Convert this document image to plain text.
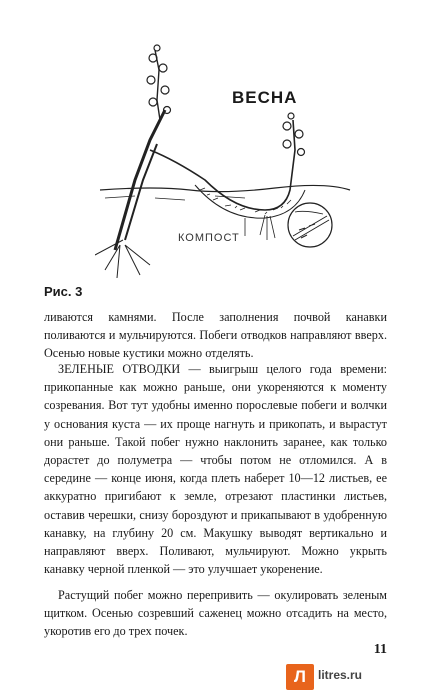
ВЕСНА
КОМПОСТ
Рис. 3
ливаются камнями. После заполнения почвой канавки поливаются и мульчируются. Побеги отводков направляют вверх. Осенью новые кустики можно отделять.
ЗЕЛЕНЫЕ ОТВОДКИ — выигрыш целого года времени: прикопанные как можно раньше, они укореняются к моменту созревания. Вот тут удобны именно порослевые побеги и волчки у основания куста — их проще нагнуть и прикопать, и вырастут они раньше. Такой побег нужно наклонить заранее, как только дорастет до полуметра — чтобы потом не отломился. А в середине — конце июня, когда плеть наберет 10—12 листьев, ее аккуратно пригибают к земле, отрезают пластинки листьев, оставив черешки, снизу бороздуют и прикапывают в удобренную канавку, на глубину 20 см. Макушку выводят вертикально и направляют вверх. Поливают, мульчируют. Можно укрыть канавку черной пленкой — это улучшает укоренение.
Растущий побег можно перепривить — окулировать зеленым щитком. Осенью созревший саженец можно отсадить на место, укоротив его до трех почек.
11
Л	litres.ru
